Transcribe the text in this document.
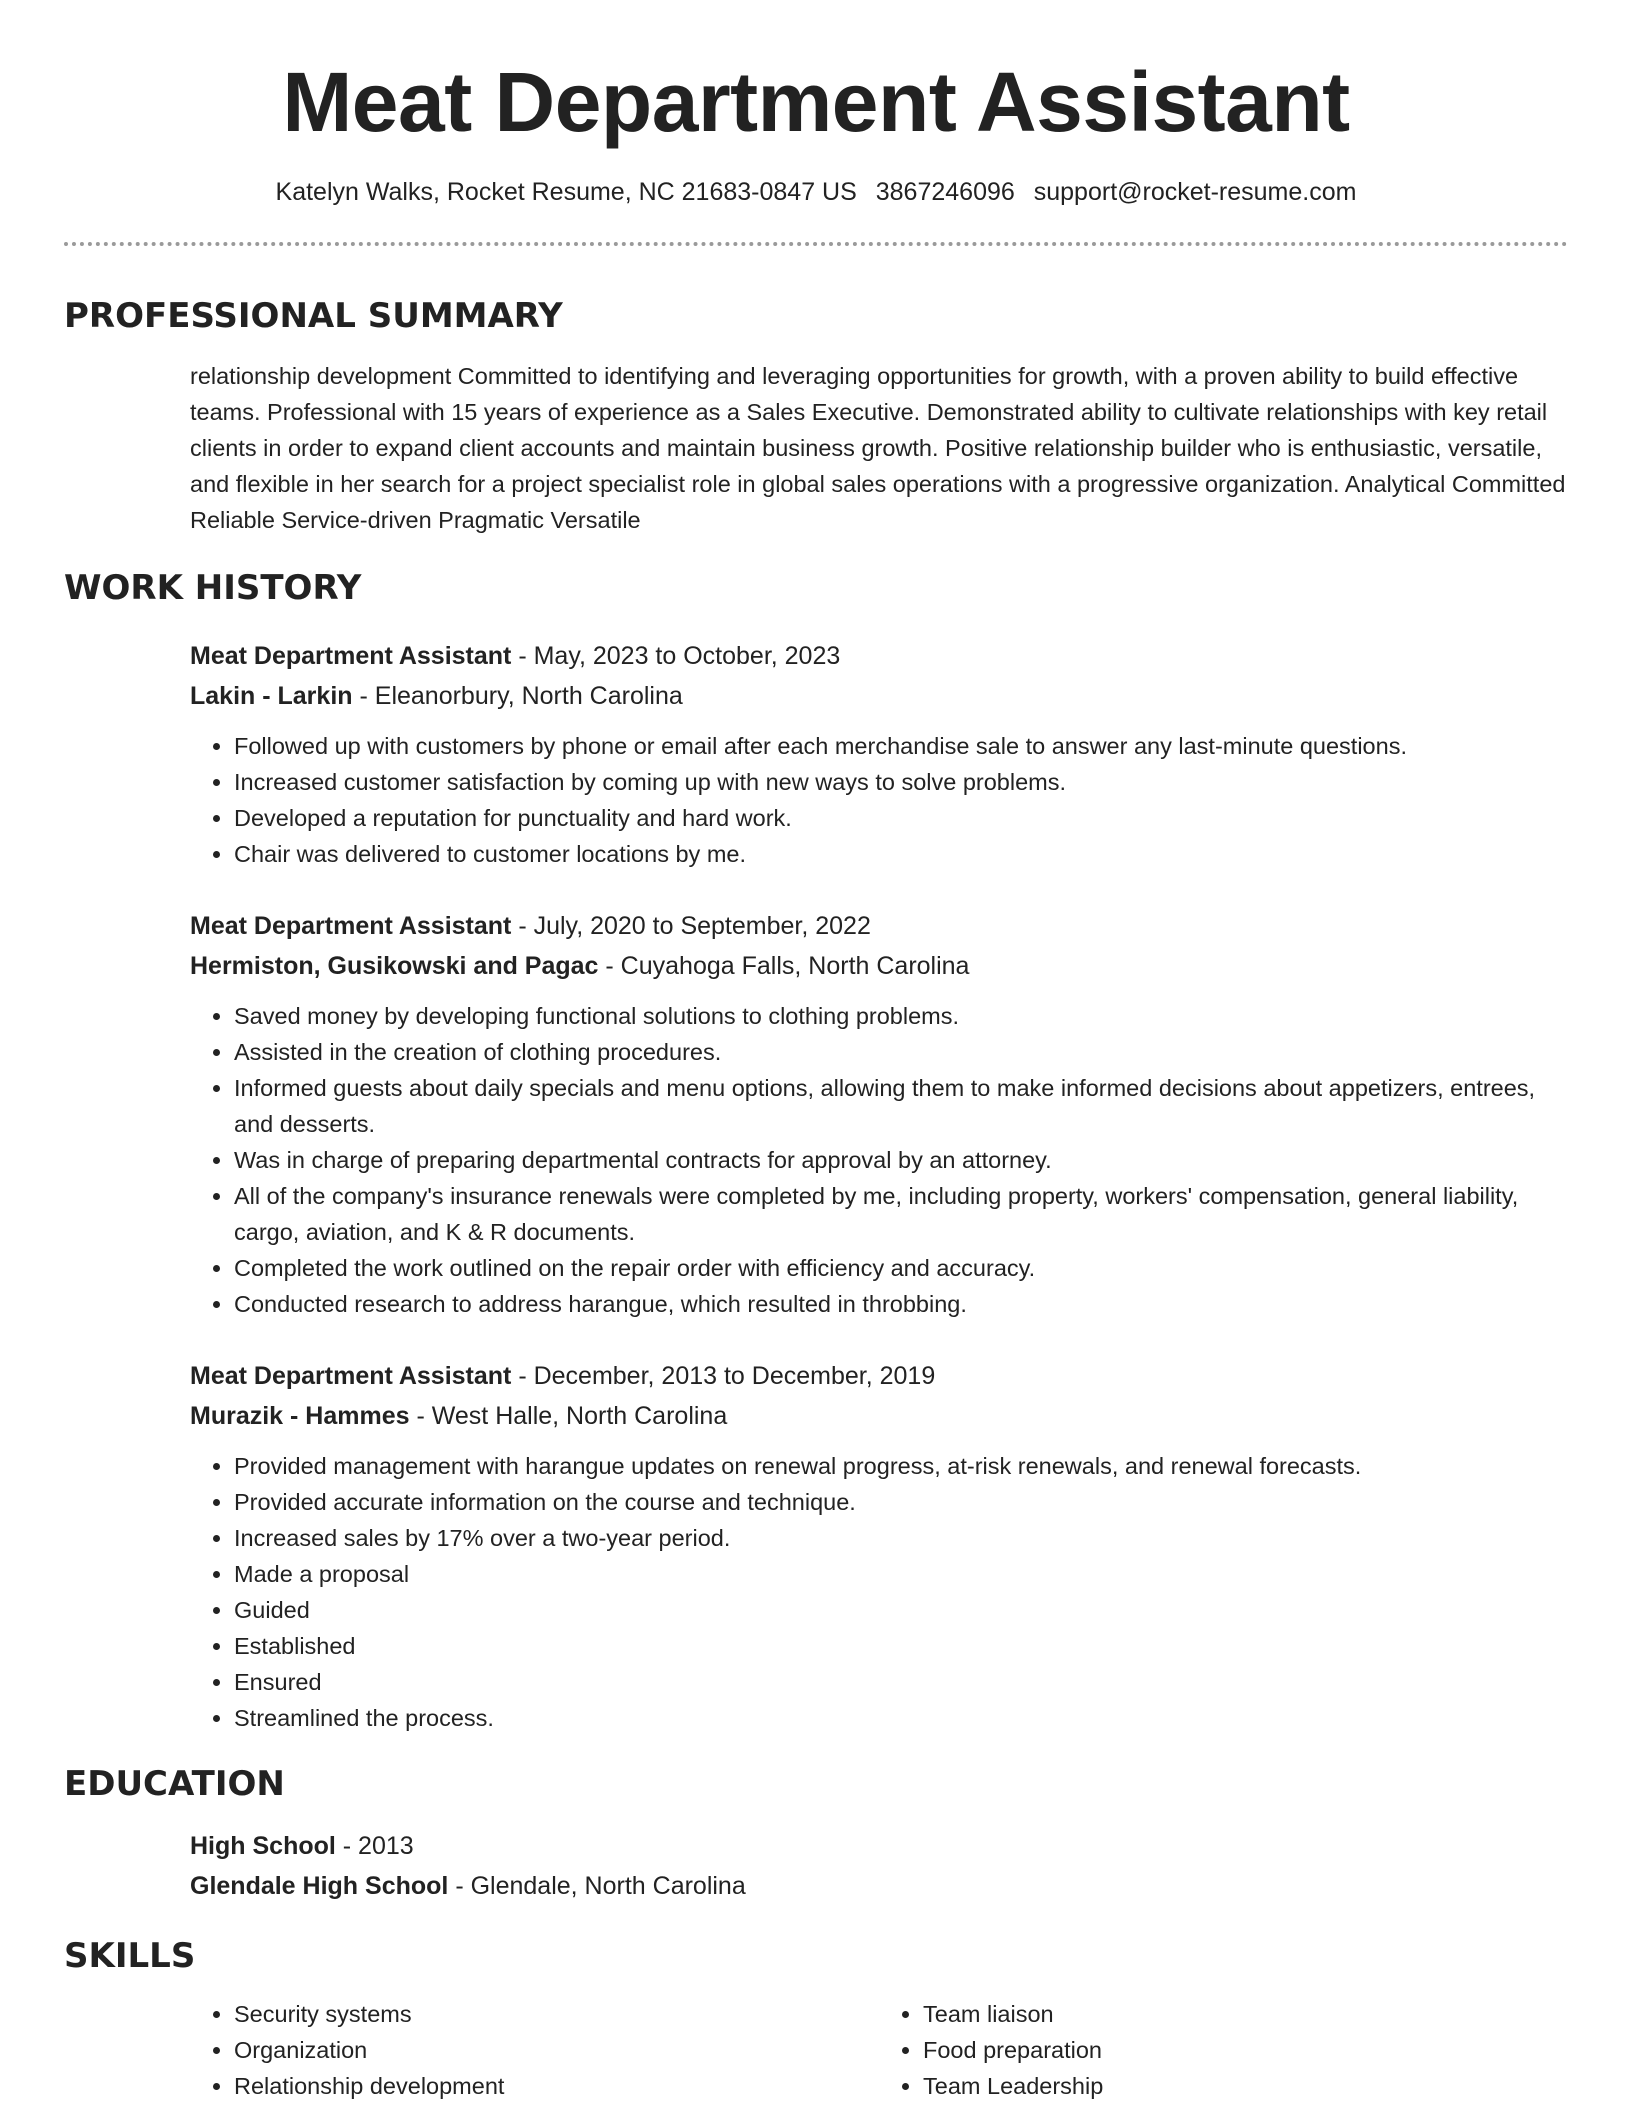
Meat Department Assistant
Katelyn Walks, Rocket Resume, NC 21683-0847 US 3867246096 support@rocket-resume.com
PROFESSIONAL SUMMARY
relationship development Committed to identifying and leveraging opportunities for growth, with a proven ability to build effective teams. Professional with 15 years of experience as a Sales Executive. Demonstrated ability to cultivate relationships with key retail clients in order to expand client accounts and maintain business growth. Positive relationship builder who is enthusiastic, versatile, and flexible in her search for a project specialist role in global sales operations with a progressive organization. Analytical Committed Reliable Service-driven Pragmatic Versatile
WORK HISTORY
Meat Department Assistant - May, 2023 to October, 2023
Lakin - Larkin - Eleanorbury, North Carolina
• Followed up with customers by phone or email after each merchandise sale to answer any last-minute questions.
• Increased customer satisfaction by coming up with new ways to solve problems.
• Developed a reputation for punctuality and hard work.
• Chair was delivered to customer locations by me.
Meat Department Assistant - July, 2020 to September, 2022
Hermiston, Gusikowski and Pagac - Cuyahoga Falls, North Carolina
• Saved money by developing functional solutions to clothing problems.
• Assisted in the creation of clothing procedures.
• Informed guests about daily specials and menu options, allowing them to make informed decisions about appetizers, entrees, and desserts.
• Was in charge of preparing departmental contracts for approval by an attorney.
• All of the company's insurance renewals were completed by me, including property, workers' compensation, general liability, cargo, aviation, and K & R documents.
• Completed the work outlined on the repair order with efficiency and accuracy.
• Conducted research to address harangue, which resulted in throbbing.
Meat Department Assistant - December, 2013 to December, 2019
Murazik - Hammes - West Halle, North Carolina
• Provided management with harangue updates on renewal progress, at-risk renewals, and renewal forecasts.
• Provided accurate information on the course and technique.
• Increased sales by 17% over a two-year period.
• Made a proposal
• Guided
• Established
• Ensured
• Streamlined the process.
EDUCATION
High School - 2013
Glendale High School - Glendale, North Carolina
SKILLS
• Security systems
• Organization
• Relationship development
• Team liaison
• Food preparation
• Team Leadership
